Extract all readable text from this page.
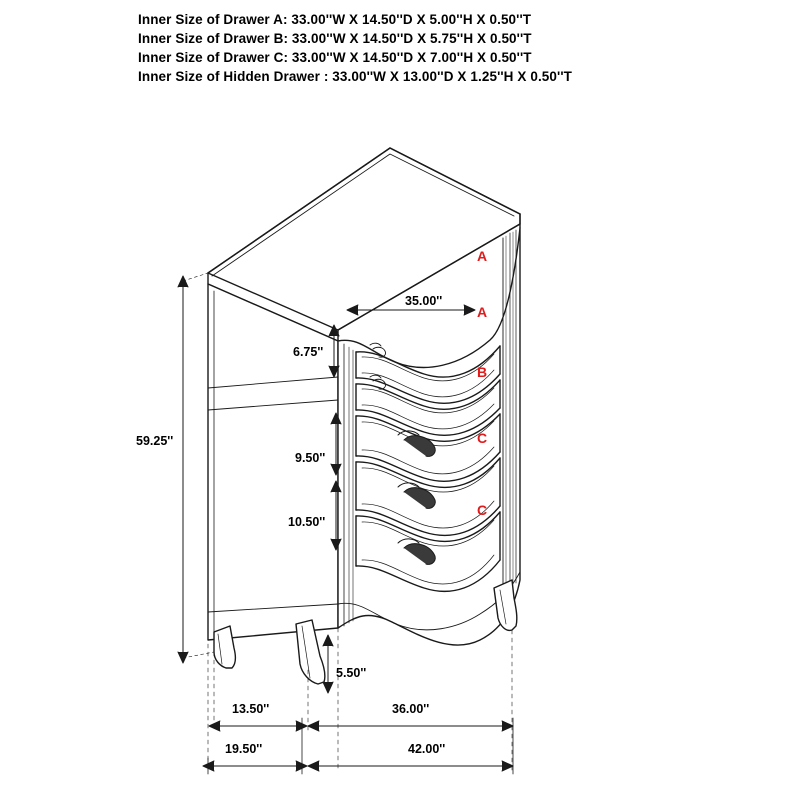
Inner Size of Drawer A: 33.00''W X 14.50''D X 5.00''H X 0.50''T
Inner Size of Drawer B: 33.00''W X 14.50''D X 5.75''H X 0.50''T
Inner Size of Drawer C: 33.00''W X 14.50''D X 7.00''H X 0.50''T
Inner Size of Hidden Drawer : 33.00''W X 13.00''D X 1.25''H X 0.50''T
A
A
B
C
C
59.25''
35.00''
6.75''
9.50''
10.50''
5.50''
13.50''	36.00''
19.50''	42.00''
